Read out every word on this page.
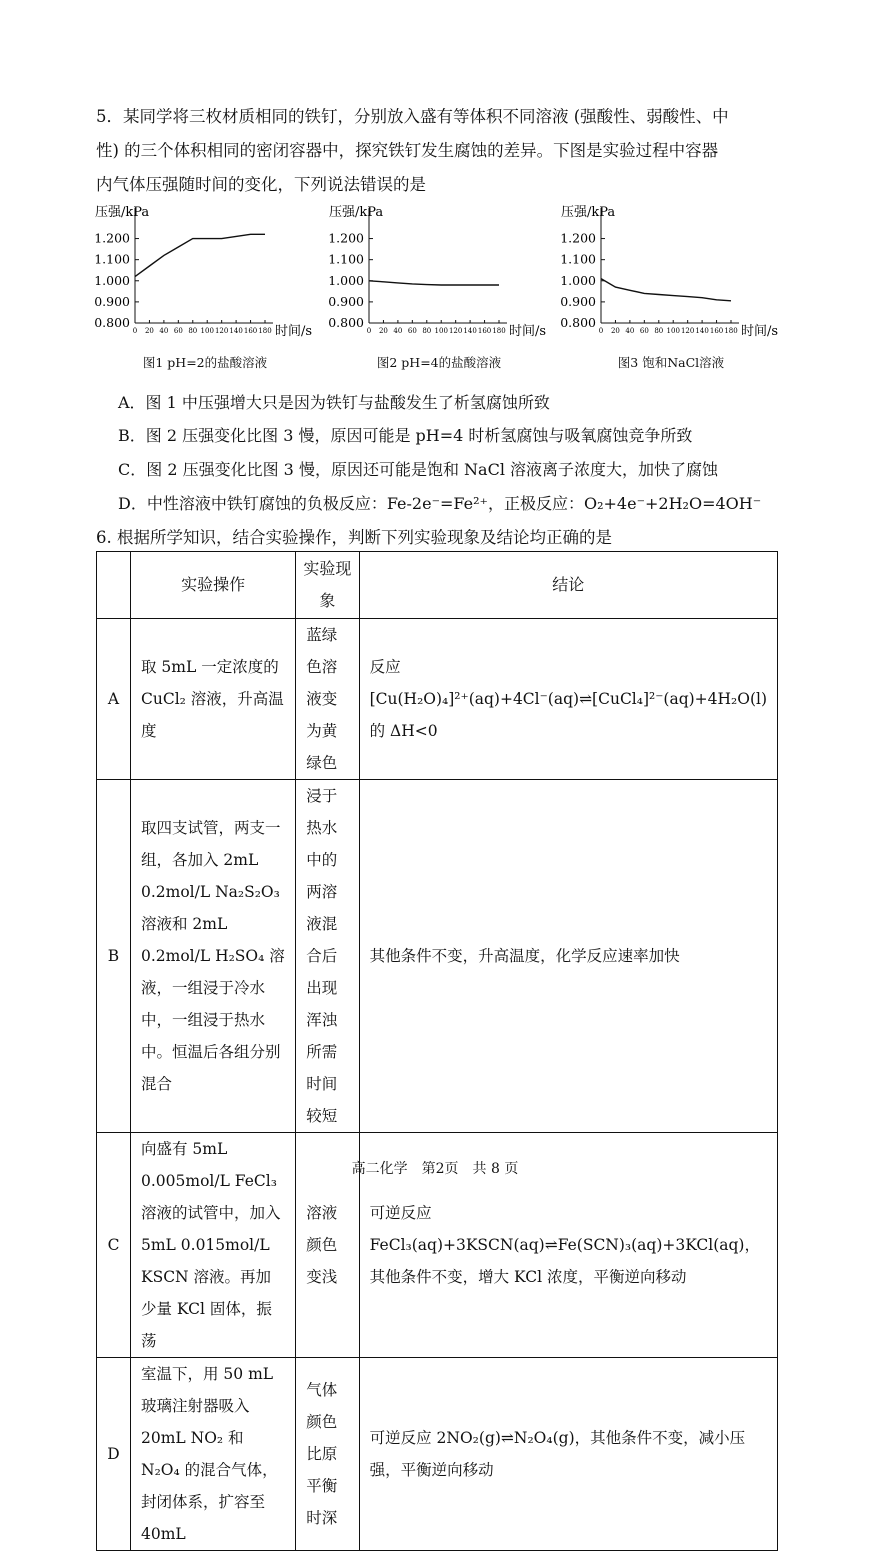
5．某同学将三枚材质相同的铁钉，分别放入盛有等体积不同溶液 (强酸性、弱酸性、中
性) 的三个体积相同的密闭容器中，探究铁钉发生腐蚀的差异。下图是实验过程中容器
内气体压强随时间的变化，下列说法错误的是
压强/kPa
0.800
0.900
1.000
1.100
1.200
0 20 40 60 80 100 120 140 160 180 时间/s
图1 pH=2的盐酸溶液
压强/kPa
0.800
0.900
1.000
1.100
1.200
0 20 40 60 80 100 120 140 160 180 时间/s
图2 pH=4的盐酸溶液
压强/kPa
0.800
0.900
1.000
1.100
1.200
0 20 40 60 80 100 120 140 160 180 时间/s
图3 饱和NaCl溶液
A．图 1 中压强增大只是因为铁钉与盐酸发生了析氢腐蚀所致
B．图 2 压强变化比图 3 慢，原因可能是 pH=4 时析氢腐蚀与吸氧腐蚀竞争所致
C．图 2 压强变化比图 3 慢，原因还可能是饱和 NaCl 溶液离子浓度大，加快了腐蚀
D．中性溶液中铁钉腐蚀的负极反应：Fe-2e⁻=Fe²⁺，正极反应：O₂+4e⁻+2H₂O=4OH⁻
6. 根据所学知识，结合实验操作，判断下列实验现象及结论均正确的是
	实验操作	实验现象	结论
A	取 5mL 一定浓度的 CuCl₂ 溶液，升高温度	蓝绿色溶液变为黄绿色	反应[Cu(H₂O)₄]²⁺(aq)+4Cl⁻(aq)⇌[CuCl₄]²⁻(aq)+4H₂O(l)的 ΔH<0
B	取四支试管，两支一组，各加入 2mL 0.2mol/L Na₂S₂O₃ 溶液和 2mL 0.2mol/L H₂SO₄ 溶液，一组浸于冷水中，一组浸于热水中。恒温后各组分别混合	浸于热水中的两溶液混合后出现浑浊所需时间较短	其他条件不变，升高温度，化学反应速率加快
C	向盛有 5mL 0.005mol/L FeCl₃ 溶液的试管中，加入 5mL 0.015mol/L KSCN 溶液。再加少量 KCl 固体，振荡	溶液颜色变浅	可逆反应 FeCl₃(aq)+3KSCN(aq)⇌Fe(SCN)₃(aq)+3KCl(aq)，其他条件不变，增大 KCl 浓度，平衡逆向移动
D	室温下，用 50 mL 玻璃注射器吸入 20mL NO₂ 和 N₂O₄ 的混合气体，封闭体系，扩容至 40mL	气体颜色比原平衡时深	可逆反应 2NO₂(g)⇌N₂O₄(g)，其他条件不变，减小压强，平衡逆向移动
高二化学　第2页　共 8 页
